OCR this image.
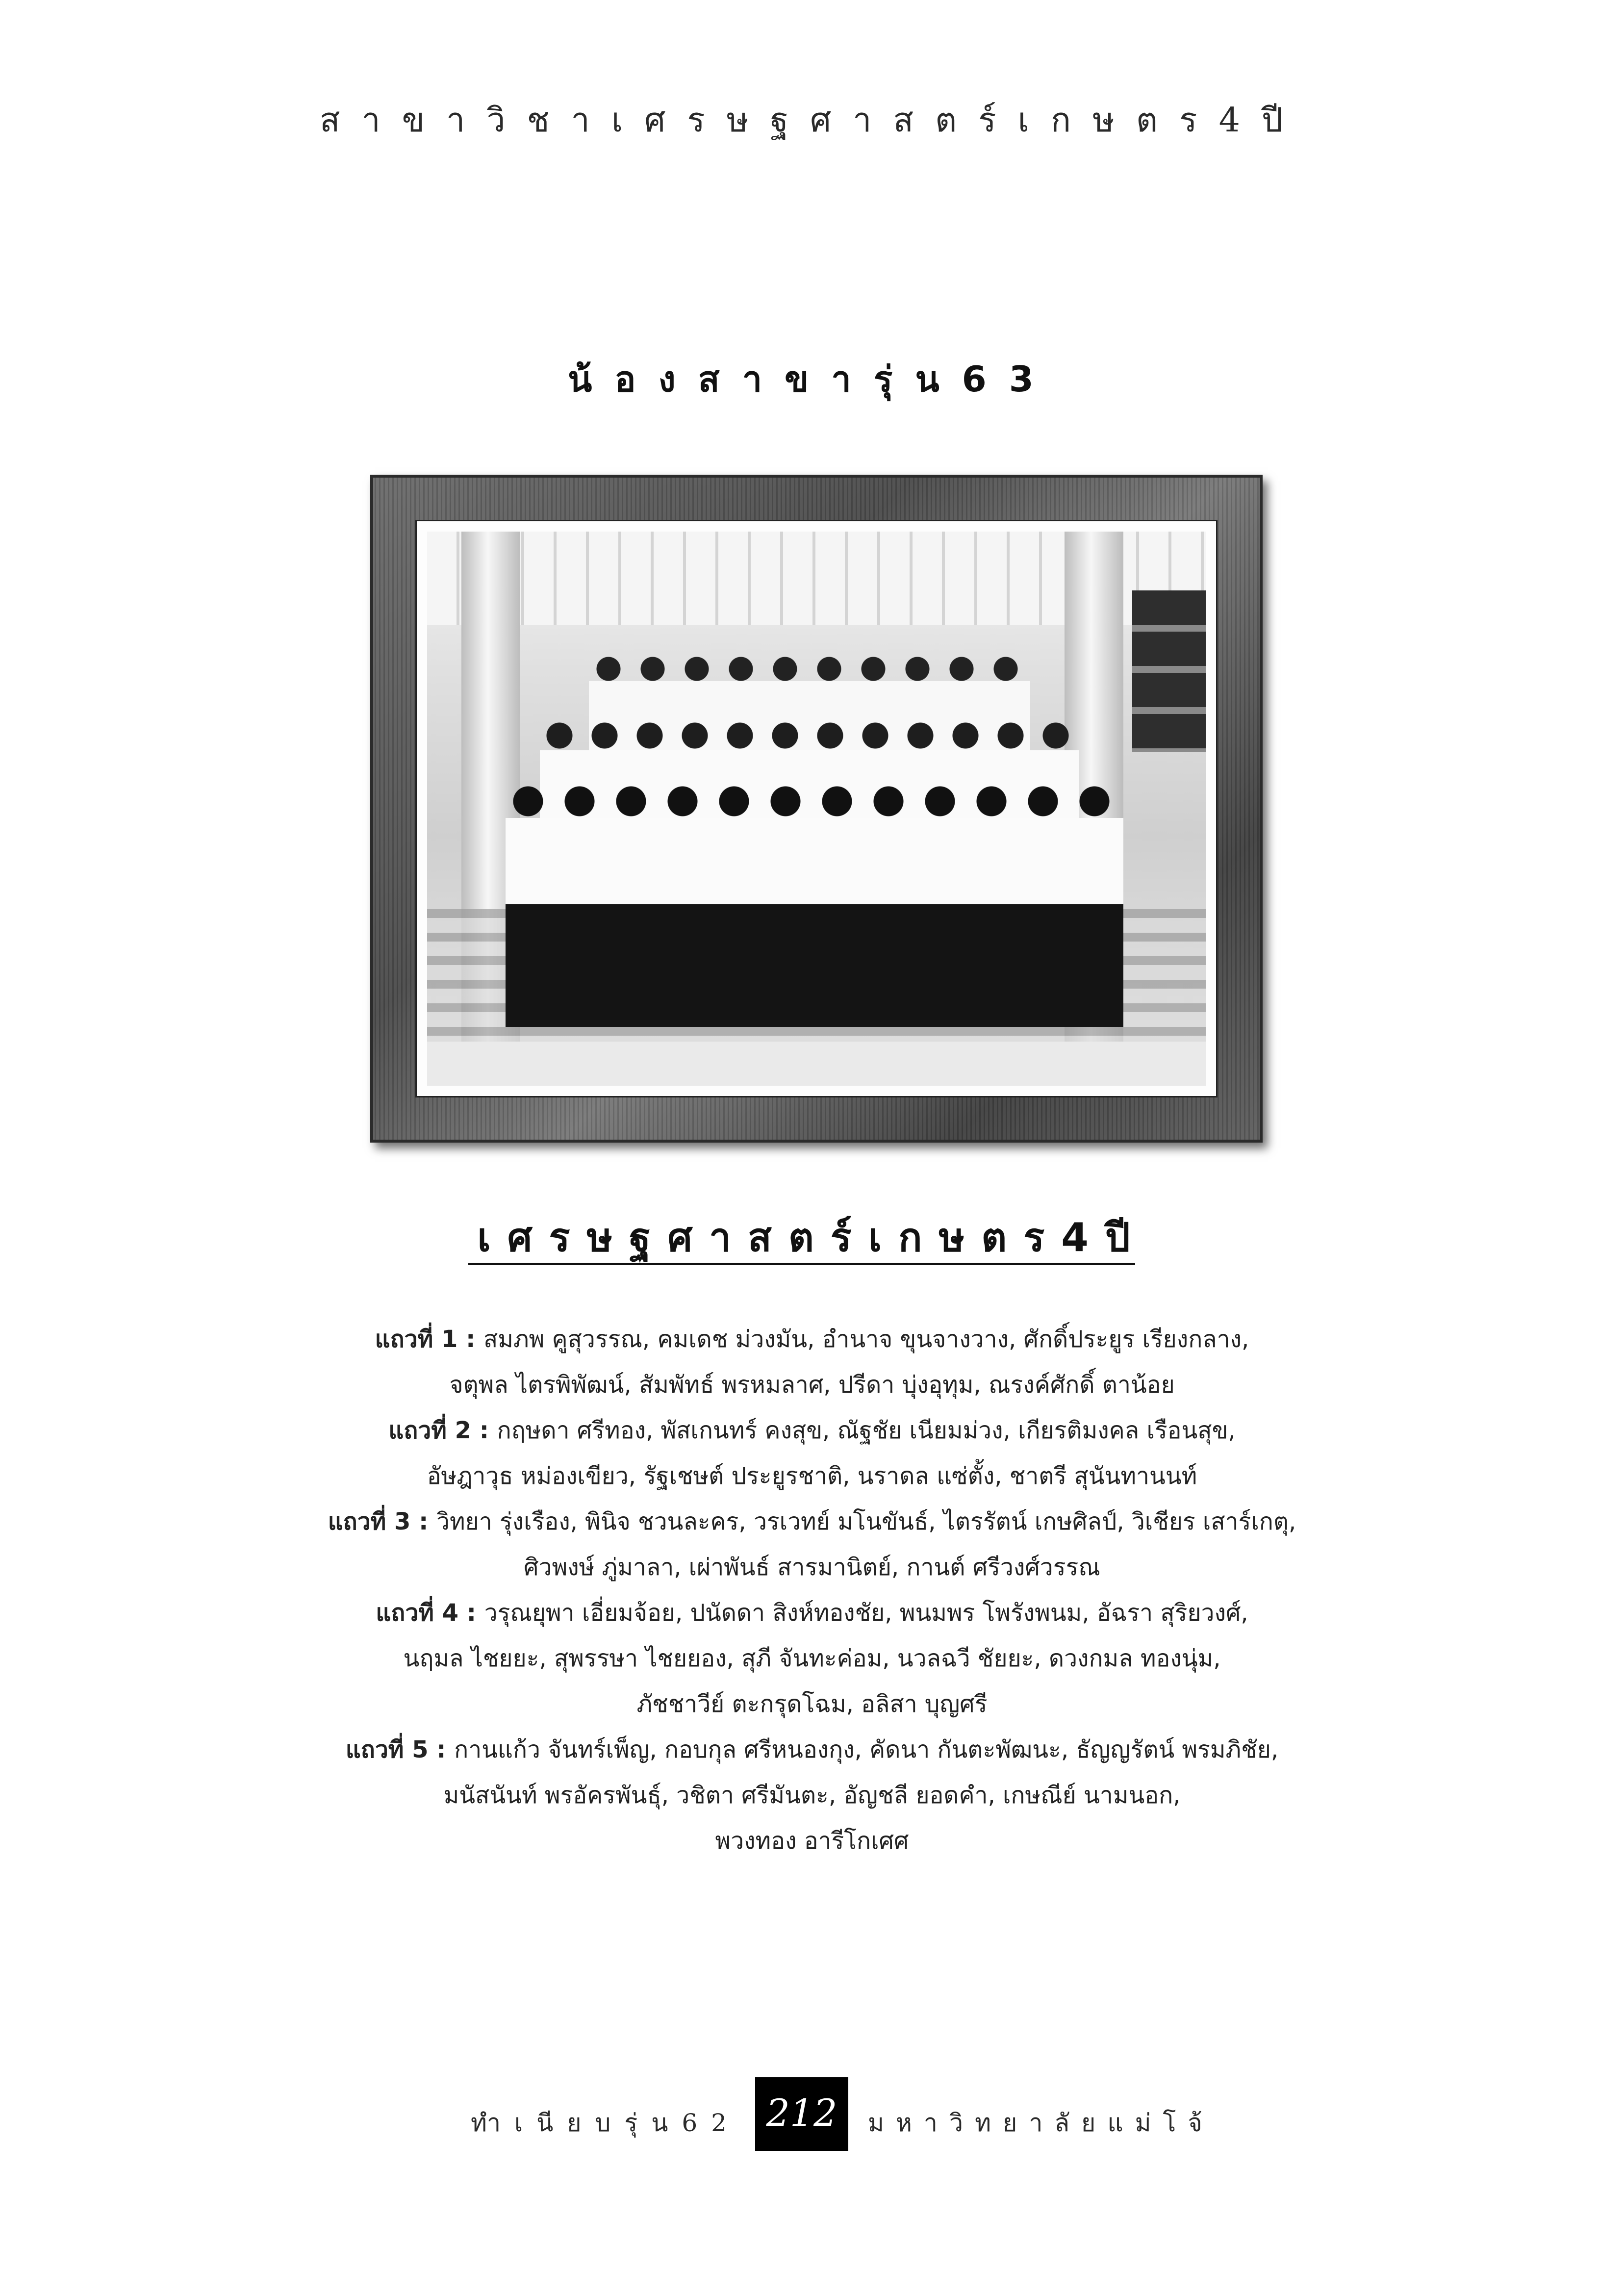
สาขาวิชาเศรษฐศาสตร์เกษตร4ปี
น้องสาขารุ่น63
เศรษฐศาสตร์เกษตร4ปี
แถวที่ 1 : สมภพ คูสุวรรณ, คมเดช ม่วงมัน, อำนาจ ขุนจางวาง, ศักดิ์ประยูร เรียงกลาง,
จตุพล ไตรพิพัฒน์, สัมพัทธ์ พรหมลาศ, ปรีดา บุ่งอุทุม, ณรงค์ศักดิ์ ตาน้อย
แถวที่ 2 : กฤษดา ศรีทอง, พัสเกนทร์ คงสุข, ณัฐชัย เนียมม่วง, เกียรติมงคล เรือนสุข,
อัษฎาวุธ หม่องเขียว, รัฐเชษต์ ประยูรชาติ, นราดล แซ่ตั้ง, ชาตรี สุนันทานนท์
แถวที่ 3 : วิทยา รุ่งเรือง, พินิจ ชวนละคร, วรเวทย์ มโนขันธ์, ไตรรัตน์ เกษศิลป์, วิเชียร เสาร์เกตุ,
ศิวพงษ์ ภู่มาลา, เผ่าพันธ์ สารมานิตย์, กานต์ ศรีวงศ์วรรณ
แถวที่ 4 : วรุณยุพา เอี่ยมจ้อย, ปนัดดา สิงห์ทองชัย, พนมพร โพรังพนม, อัฉรา สุริยวงศ์,
นฤมล ไชยยะ, สุพรรษา ไชยยอง, สุภี จันทะค่อม, นวลฉวี ชัยยะ, ดวงกมล ทองนุ่ม,
ภัชชาวีย์ ตะกรุดโฉม, อลิสา บุญศรี
แถวที่ 5 : กานแก้ว จันทร์เพ็ญ, กอบกุล ศรีหนองกุง, คัดนา กันตะพัฒนะ, ธัญญรัตน์ พรมภิชัย,
มนัสนันท์ พรอัครพันธุ์, วชิตา ศรีมันตะ, อัญชลี ยอดคำ, เกษณีย์ นามนอก,
พวงทอง อารีโกเศศ
ทำเนียบรุ่น62 212	มหาวิทยาลัยแม่โจ้
